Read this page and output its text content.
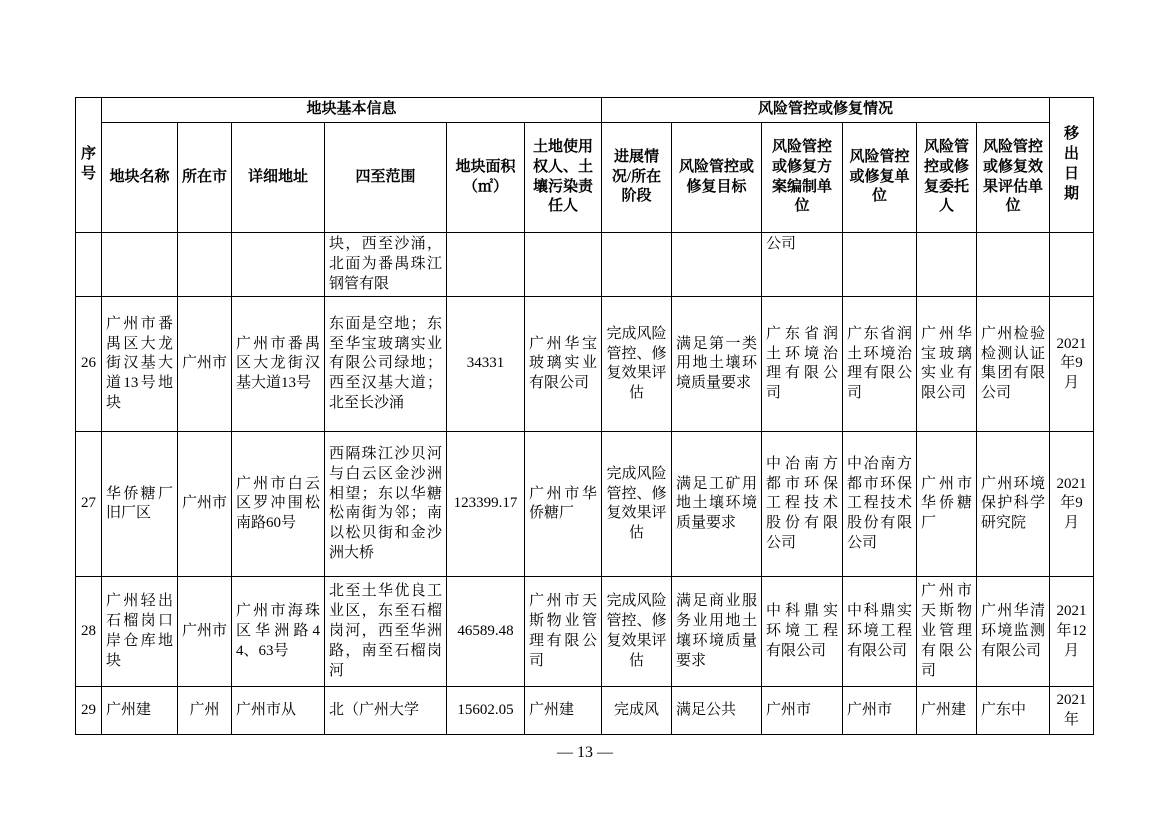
序号	地块基本信息						风险管控或修复情况						移出日期
	地块名称	所在市	详细地址	四至范围	地块面积（㎡）	土地使用权人、土壤污染责任人	进展情况/所在阶段	风险管控或修复目标	风险管控或修复方案编制单位	风险管控或修复单位	风险管控或修复委托人	风险管控或修复效果评估单位	
				块，西至沙涌，北面为番禺珠江钢管有限					公司				
26	广州市番禺区大龙街汉基大道13号地块	广州市	广州市番禺区大龙街汉基大道13号	东面是空地；东至华宝玻璃实业有限公司绿地；西至汉基大道；北至长沙涌	34331	广州华宝玻璃实业有限公司	完成风险管控、修复效果评估	满足第一类用地土壤环境质量要求	广东省润土环境治理有限公司	广东省润土环境治理有限公司	广州华宝玻璃实业有限公司	广州检验检测认证集团有限公司	2021年9月
27	华侨糖厂旧厂区	广州市	广州市白云区罗冲围松南路60号	西隔珠江沙贝河与白云区金沙洲相望；东以华糖松南街为邻；南以松贝街和金沙洲大桥	123399.17	广州市华侨糖厂	完成风险管控、修复效果评估	满足工矿用地土壤环境质量要求	中冶南方都市环保工程技术股份有限公司	中冶南方都市环保工程技术股份有限公司	广州市华侨糖厂	广州环境保护科学研究院	2021年9月
28	广州轻出石榴岗口岸仓库地块	广州市	广州市海珠区华洲路44、63号	北至土华优良工业区，东至石榴岗河，西至华洲路，南至石榴岗河	46589.48	广州市天斯物业管理有限公司	完成风险管控、修复效果评估	满足商业服务业用地土壤环境质量要求	中科鼎实环境工程有限公司	中科鼎实环境工程有限公司	广州市天斯物业管理有限公司	广州华清环境监测有限公司	2021年12月
29	广州建	广州	广州市从	北（广州大学	15602.05	广州建	完成风	满足公共	广州市	广州市	广州建	广东中	2021年
— 13 —
